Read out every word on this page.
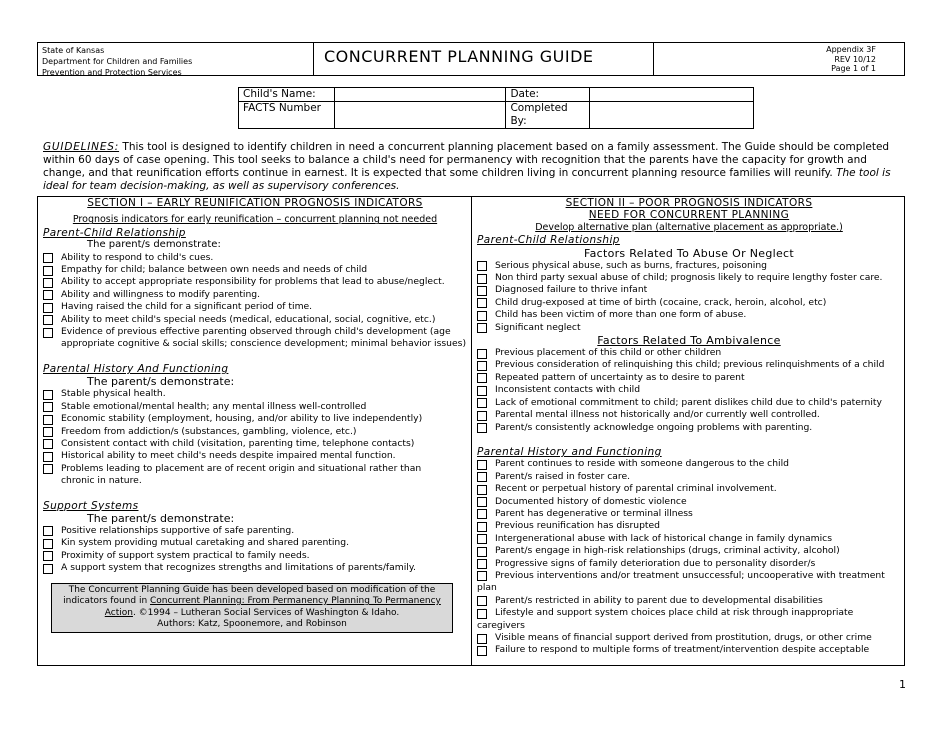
State of Kansas
Department for Children and Families
Prevention and Protection Services
CONCURRENT PLANNING GUIDE	Appendix 3F
REV 10/12
Page 1 of 1
Child's Name:		Date:	
FACTS Number		Completed
By:	
GUIDELINES: This tool is designed to identify children in need a concurrent planning placement based on a family assessment. The Guide should be completed within 60 days of case opening. This tool seeks to balance a child's need for permanency with recognition that the parents have the capacity for growth and change, and that reunification efforts continue in earnest. It is expected that some children living in concurrent planning resource families will reunify. The tool is ideal for team decision-making, as well as supervisory conferences.
SECTION I – EARLY REUNIFICATION PROGNOSIS INDICATORS
Prognosis indicators for early reunification – concurrent planning not needed
Parent-Child Relationship
The parent/s demonstrate:
Ability to respond to child's cues.
Empathy for child; balance between own needs and needs of child
Ability to accept appropriate responsibility for problems that lead to abuse/neglect.
Ability and willingness to modify parenting.
Having raised the child for a significant period of time.
Ability to meet child's special needs (medical, educational, social, cognitive, etc.)
Evidence of previous effective parenting observed through child's development (age appropriate cognitive & social skills; conscience development; minimal behavior issues)
Parental History And Functioning
The parent/s demonstrate:
Stable physical health.
Stable emotional/mental health; any mental illness well-controlled
Economic stability (employment, housing, and/or ability to live independently)
Freedom from addiction/s (substances, gambling, violence, etc.)
Consistent contact with child (visitation, parenting time, telephone contacts)
Historical ability to meet child's needs despite impaired mental function.
Problems leading to placement are of recent origin and situational rather than chronic in nature.
Support Systems
The parent/s demonstrate:
Positive relationships supportive of safe parenting.
Kin system providing mutual caretaking and shared parenting.
Proximity of support system practical to family needs.
A support system that recognizes strengths and limitations of parents/family.
The Concurrent Planning Guide has been developed based on modification of the indicators found in Concurrent Planning: From Permanency Planning To Permanency Action. ©1994 – Lutheran Social Services of Washington & Idaho.
Authors: Katz, Spoonemore, and Robinson
SECTION II – POOR PROGNOSIS INDICATORS
NEED FOR CONCURRENT PLANNING
Develop alternative plan (alternative placement as appropriate.)
Parent-Child Relationship
Factors Related To Abuse Or Neglect
Serious physical abuse, such as burns, fractures, poisoning
Non third party sexual abuse of child; prognosis likely to require lengthy foster care.
Diagnosed failure to thrive infant
Child drug-exposed at time of birth (cocaine, crack, heroin, alcohol, etc)
Child has been victim of more than one form of abuse.
Significant neglect
Factors Related To Ambivalence
Previous placement of this child or other children
Previous consideration of relinquishing this child; previous relinquishments of a child
Repeated pattern of uncertainty as to desire to parent
Inconsistent contacts with child
Lack of emotional commitment to child; parent dislikes child due to child's paternity
Parental mental illness not historically and/or currently well controlled.
Parent/s consistently acknowledge ongoing problems with parenting.
Parental History and Functioning
Parent continues to reside with someone dangerous to the child
Parent/s raised in foster care.
Recent or perpetual history of parental criminal involvement.
Documented history of domestic violence
Parent has degenerative or terminal illness
Previous reunification has disrupted
Intergenerational abuse with lack of historical change in family dynamics
Parent/s engage in high-risk relationships (drugs, criminal activity, alcohol)
Progressive signs of family deterioration due to personality disorder/s
Previous interventions and/or treatment unsuccessful; uncooperative with treatment plan
Parent/s restricted in ability to parent due to developmental disabilities
Lifestyle and support system choices place child at risk through inappropriate caregivers
Visible means of financial support derived from prostitution, drugs, or other crime
Failure to respond to multiple forms of treatment/intervention despite acceptable
1
